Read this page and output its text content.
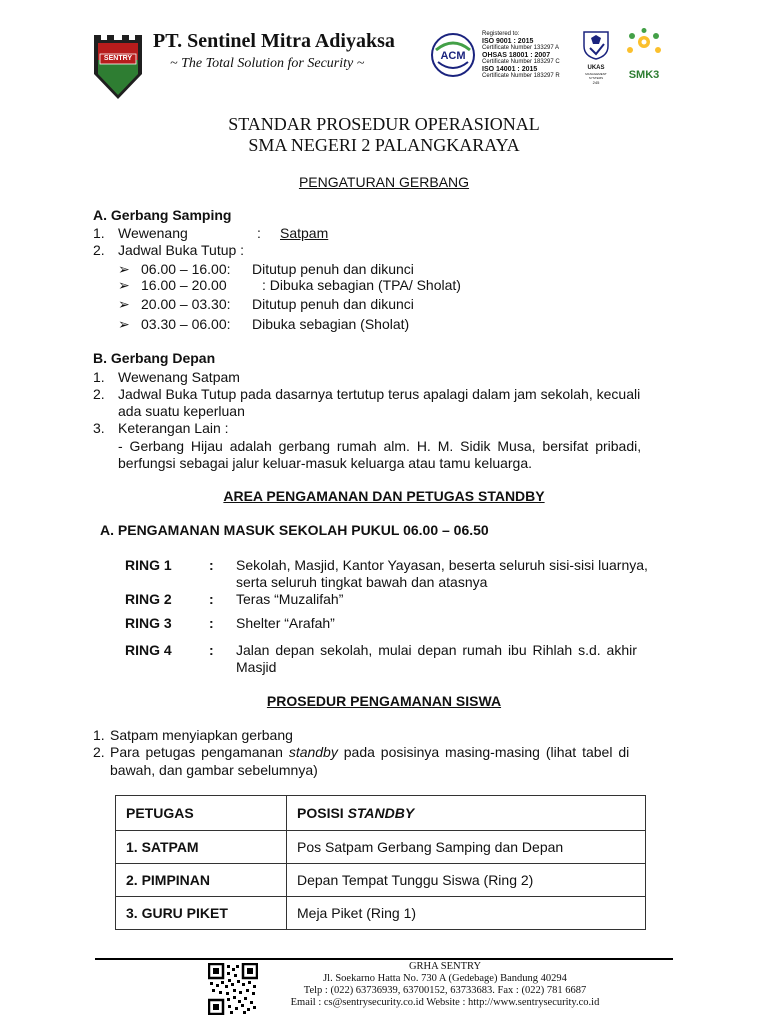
SENTRY
PT. Sentinel Mitra Adiyaksa
~ The Total Solution for Security ~	ACM
Registered to:
ISO 9001 : 2015
Certificate Number 133297 A
OHSAS 18001 : 2007
Certificate Number 183297 C
ISO 14001 : 2015
Certificate Number 183297 R
UKAS
MANAGEMENT SYSTEMS
245
SMK3
STANDAR PROSEDUR OPERASIONAL
SMA NEGERI 2 PALANGKARAYA
PENGATURAN GERBANG
A. Gerbang Samping
1. Wewenang	: Satpam
2. Jadwal Buka Tutup :
➢ 06.00 – 16.00: Ditutup penuh dan dikunci
➢ 16.00 – 20.00	: Dibuka sebagian (TPA/ Sholat)
➢ 20.00 – 03.30: Ditutup penuh dan dikunci
➢ 03.30 – 06.00: Dibuka sebagian (Sholat)
B. Gerbang Depan
1. Wewenang Satpam
2. Jadwal Buka Tutup pada dasarnya tertutup terus apalagi dalam jam sekolah, kecuali
ada suatu keperluan
3. Keterangan Lain :
- Gerbang Hijau adalah gerbang rumah alm. H. M. Sidik Musa, bersifat pribadi,
berfungsi sebagai jalur keluar-masuk keluarga atau tamu keluarga.
AREA PENGAMANAN DAN PETUGAS STANDBY
A. PENGAMANAN MASUK SEKOLAH PUKUL 06.00 – 06.50
RING 1	: Sekolah, Masjid, Kantor Yayasan, beserta seluruh sisi-sisi luarnya,
serta seluruh tingkat bawah dan atasnya
RING 2	: Teras “Muzalifah”
RING 3	: Shelter “Arafah”
RING 4	: Jalan depan sekolah, mulai depan rumah ibu Rihlah s.d. akhir
Masjid
PROSEDUR PENGAMANAN SISWA
1. Satpam menyiapkan gerbang
2. Para petugas pengamanan standby pada posisinya masing-masing (lihat tabel di
bawah, dan gambar sebelumnya)
PETUGAS	POSISI STANDBY
1. SATPAM	Pos Satpam Gerbang Samping dan Depan
2. PIMPINAN	Depan Tempat Tunggu Siswa (Ring 2)
3. GURU PIKET	Meja Piket (Ring 1)
GRHA SENTRY
Jl. Soekarno Hatta No. 730 A (Gedebage) Bandung 40294
Telp : (022) 63736939, 63700152, 63733683. Fax : (022) 781 6687
Email : cs@sentrysecurity.co.id Website : http://www.sentrysecurity.co.id
